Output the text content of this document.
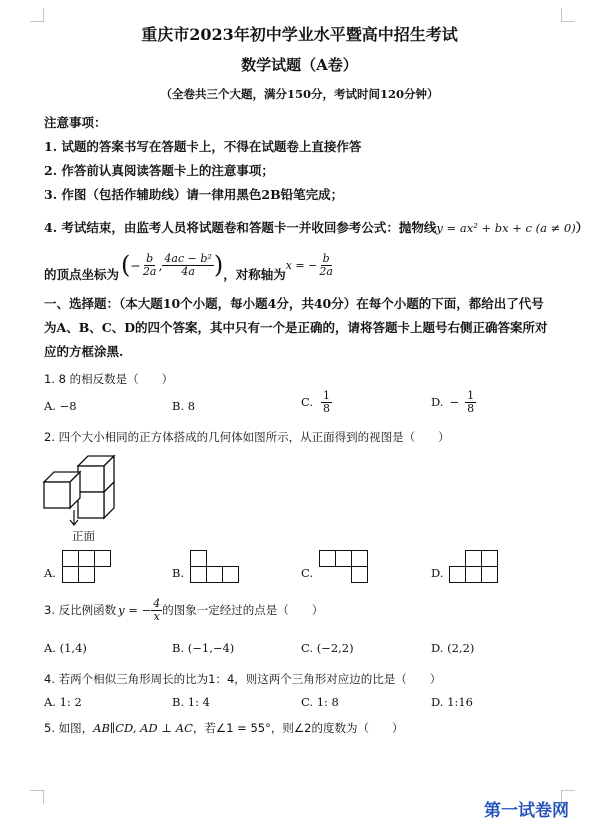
重庆市2023年初中学业水平暨高中招生考试
数学试题（A卷）
（全卷共三个大题，满分150分，考试时间120分钟）
注意事项：
1. 试题的答案书写在答题卡上，不得在试题卷上直接作答
2. 作答前认真阅读答题卡上的注意事项；
3. 作图（包括作辅助线）请一律用黑色2B铅笔完成；
4. 考试结束，由监考人员将试题卷和答题卡一并收回参考公式：抛物线y = ax² + bx + c (a ≠ 0)）
的顶点坐标为 ( − $\frac{b}{2a}$ , $\frac{\text{4ac − b²}}{4a}$ ) ，对称轴为
x = − $\frac{b}{2a}$
一、选择题：（本大题10个小题，每小题4分，共40分）在每个小题的下面，都给出了代号
为A、B、C、D的四个答案，其中只有一个是正确的，请将答题卡上题号右侧正确答案所对
应的方框涂黑.
1. 8 的相反数是（　　）
A. −8	B. 8	C. $\frac{1}{8}$	D. − $\frac{1}{8}$
2. 四个大小相同的正方体搭成的几何体如图所示，从正面得到的视图是（　　）
正面
A.	B.	C.	D.
3. 反比例函数 y = − $\frac{4}{x}$ 的图象一定经过的点是（　　）
A. (1,4)	B. (−1,−4)	C. (−2,2)	D. (2,2)
4. 若两个相似三角形周长的比为1：4，则这两个三角形对应边的比是（　　）
A. 1: 2	B. 1: 4	C. 1: 8	D. 1:16
5. 如图，AB∥CD, AD ⊥ AC，若∠1 = 55°，则∠2的度数为（　　）
第一试卷网
